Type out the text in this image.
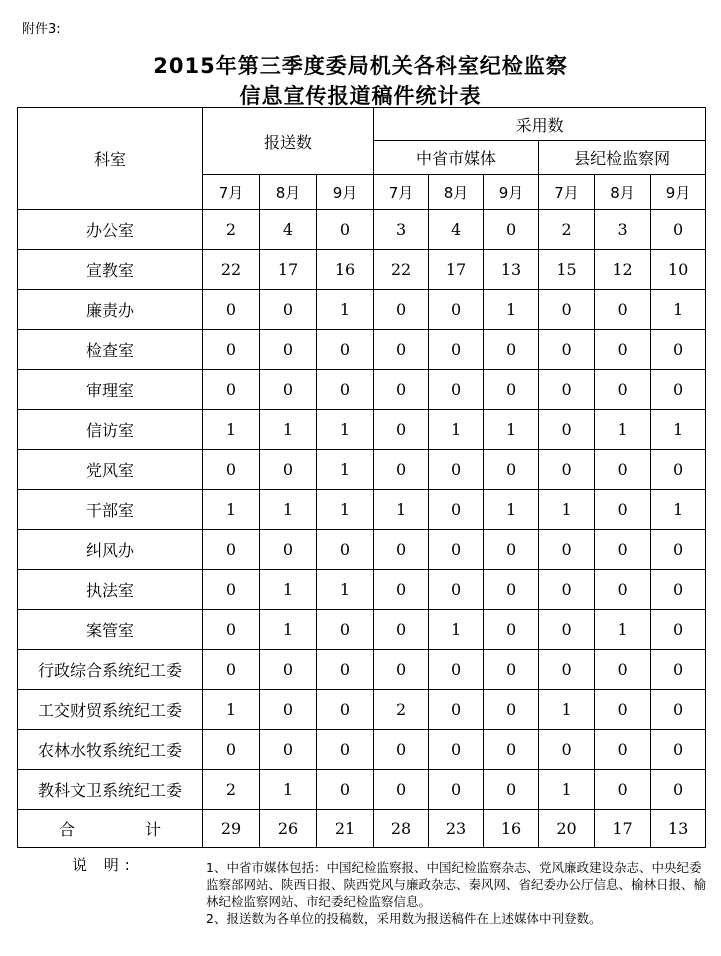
附件3:
2015年第三季度委局机关各科室纪检监察
信息宣传报道稿件统计表
科室	报送数			采用数					
				中省市媒体			县纪检监察网		
	7月	8月	9月	7月	8月	9月	7月	8月	9月
办公室	2	4	0	3	4	0	2	3	0
宣教室	22	17	16	22	17	13	15	12	10
廉责办	0	0	1	0	0	1	0	0	1
检查室	0	0	0	0	0	0	0	0	0
审理室	0	0	0	0	0	0	0	0	0
信访室	1	1	1	0	1	1	0	1	1
党风室	0	0	1	0	0	0	0	0	0
干部室	1	1	1	1	0	1	1	0	1
纠风办	0	0	0	0	0	0	0	0	0
执法室	0	1	1	0	0	0	0	0	0
案管室	0	1	0	0	1	0	0	1	0
行政综合系统纪工委	0	0	0	0	0	0	0	0	0
工交财贸系统纪工委	1	0	0	2	0	0	1	0	0
农林水牧系统纪工委	0	0	0	0	0	0	0	0	0
教科文卫系统纪工委	2	1	0	0	0	0	1	0	0
合 计	29	26	21	28	23	16	20	17	13
说 明:	1、中省市媒体包括：中国纪检监察报、中国纪检监察杂志、党风廉政建设杂志、中央纪委监察部网站、陕西日报、陕西党风与廉政杂志、秦风网、省纪委办公厅信息、榆林日报、榆林纪检监察网站、市纪委纪检监察信息。

2、报送数为各单位的投稿数，采用数为报送稿件在上述媒体中刊登数。
